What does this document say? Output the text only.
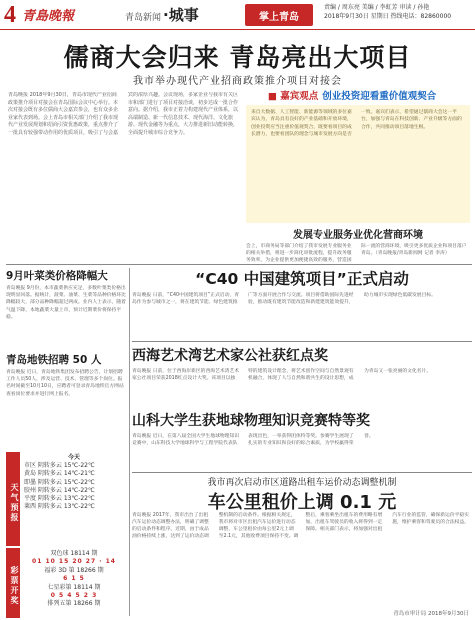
4 青島晚報	青岛新闻 ·城事	掌上青岛
责编 / 周东亮 美编 / 李虹芳 审读 / 孙艳
2018年9月30日 星期日 热线电话：82860000
儒商大会归来 青岛亮出大项目
我市举办现代产业招商政策推介项目对接会
青岛晚报 2018年9月30日，青岛市现代产业招商政策推介项目对接会在青岛国际会议中心举行。本次对接会既有多位儒商大会嘉宾参会，也有众多企业家代表到场。会上青岛市相关部门介绍了我市现代产业发展规划和招商引资优惠政策，重点推介了一批具有较强带动作用的优质项目，吸引了与会嘉宾的浓厚兴趣。会议现场，多家企业与我市有关区市和部门进行了项目对接洽谈，初步达成一批合作意向。据介绍，我市正着力构建现代产业体系，以高端制造、新一代信息技术、现代海洋、文化旅游、现代金融等为重点，大力推进新旧动能转换，全面提升城市综合竞争力。
■ 嘉宾观点 创业投资迎看重价值观契合
来自大数据、人工智能、新能源等领域的多位嘉宾认为，青岛具有良好的产业基础和开放环境，创业投资应当注重价值观契合，既要看项目的成长潜力，也要看团队的理念与城市发展方向是否一致。嘉宾们表示，希望通过儒商大会这一平台，加强与青岛在科技创新、产业升级等方面的合作，共同推动项目落地生根。
发展专业服务业优化营商环境
会上，市商务局等部门介绍了我市发展专业服务业的相关举措，将进一步简化审批流程，提升政务服务效率，为企业提供更加便捷高效的服务，营造国际一流的营商环境，吸引更多优质企业和项目落户青岛。（青岛晚报/青岛新闻网 记者 李涛）
9月叶菜类价格降幅大
青岛晚报 9月份，本市蔬菜供应充足，多数叶菜类价格出现明显回落。据统计，菠菜、油菜、生菜等品种价格环比降幅较大，部分品种降幅超过两成。业内人士表示，随着气温下降，本地蔬菜大量上市，预计近期菜价将保持平稳。
青岛地铁招聘 50 人
青岛晚报 近日，青岛地铁集团发布招聘公告，计划招聘工作人员50人，涉及运营、技术、管理等多个岗位。报名时间截至10月10日，应聘者可登录青岛地铁官方网站查看岗位要求并进行网上报名。
“C40 中国建筑项目”正式启动
青岛晚报 日前，“C40中国建筑项目”正式启动，青岛作为参与城市之一，将在建筑节能、绿色建筑推广等方面开展合作与交流。项目将借助国际先进经验，推动既有建筑节能改造和新建建筑能效提升，助力城市实现绿色低碳发展目标。
西海艺术湾艺术家公社获红点奖
青岛晚报 日前，位于西海岸新区的西海艺术湾艺术家公社项目荣获2018红点设计大奖。该项目以独特的建筑设计理念，将艺术创作空间与自然景观有机融合，体现了人与自然和谐共生的设计思想，成为青岛又一张亮丽的文化名片。
山科大学生获地球物理知识竞赛特等奖
青岛晚报 近日，在第八届全国大学生地球物理知识竞赛中，山东科技大学地球科学与工程学院代表队表现出色，一举获得团体特等奖。参赛学生展现了扎实的专业知识和良好的综合素质，为学校赢得荣誉。
天气预报
今天
市区 阴转多云 15℃-22℃
黄岛 阴转多云 14℃-21℃
即墨 阴转多云 15℃-22℃
胶州 阴转多云 14℃-22℃
平度 阴转多云 13℃-22℃
莱西 阴转多云 13℃-22℃
彩票开奖
双色球 18114 期
01 10 15 20 27 · 14
福彩 3D 第 18266 期
6 1 5
七星彩第 18114 期
0 5 4 5 2 3
排列五第 18266 期
我市再次启动市区道路出租车运价动态调整机制
车公里租价上调 0.1 元
青岛晚报 2017年，我市出台了出租汽车运价动态调整办法，明确了调整的启动条件和程序。近期，由于成品油价格持续上涨，达到了运价动态调整机制的启动条件。根据相关规定，我市将对市区出租汽车运价进行动态调整，车公里租价由每公里2元上调至2.1元，其他收费项目保持不变。调整后，乘客乘坐出租车的费用略有增加，出租车驾驶员的收入将得到一定保障。相关部门表示，将加强对出租汽车行业的监管，确保新运价平稳实施，维护乘客和驾驶员的合法权益。
青岛市审计局 2018年9月30日
